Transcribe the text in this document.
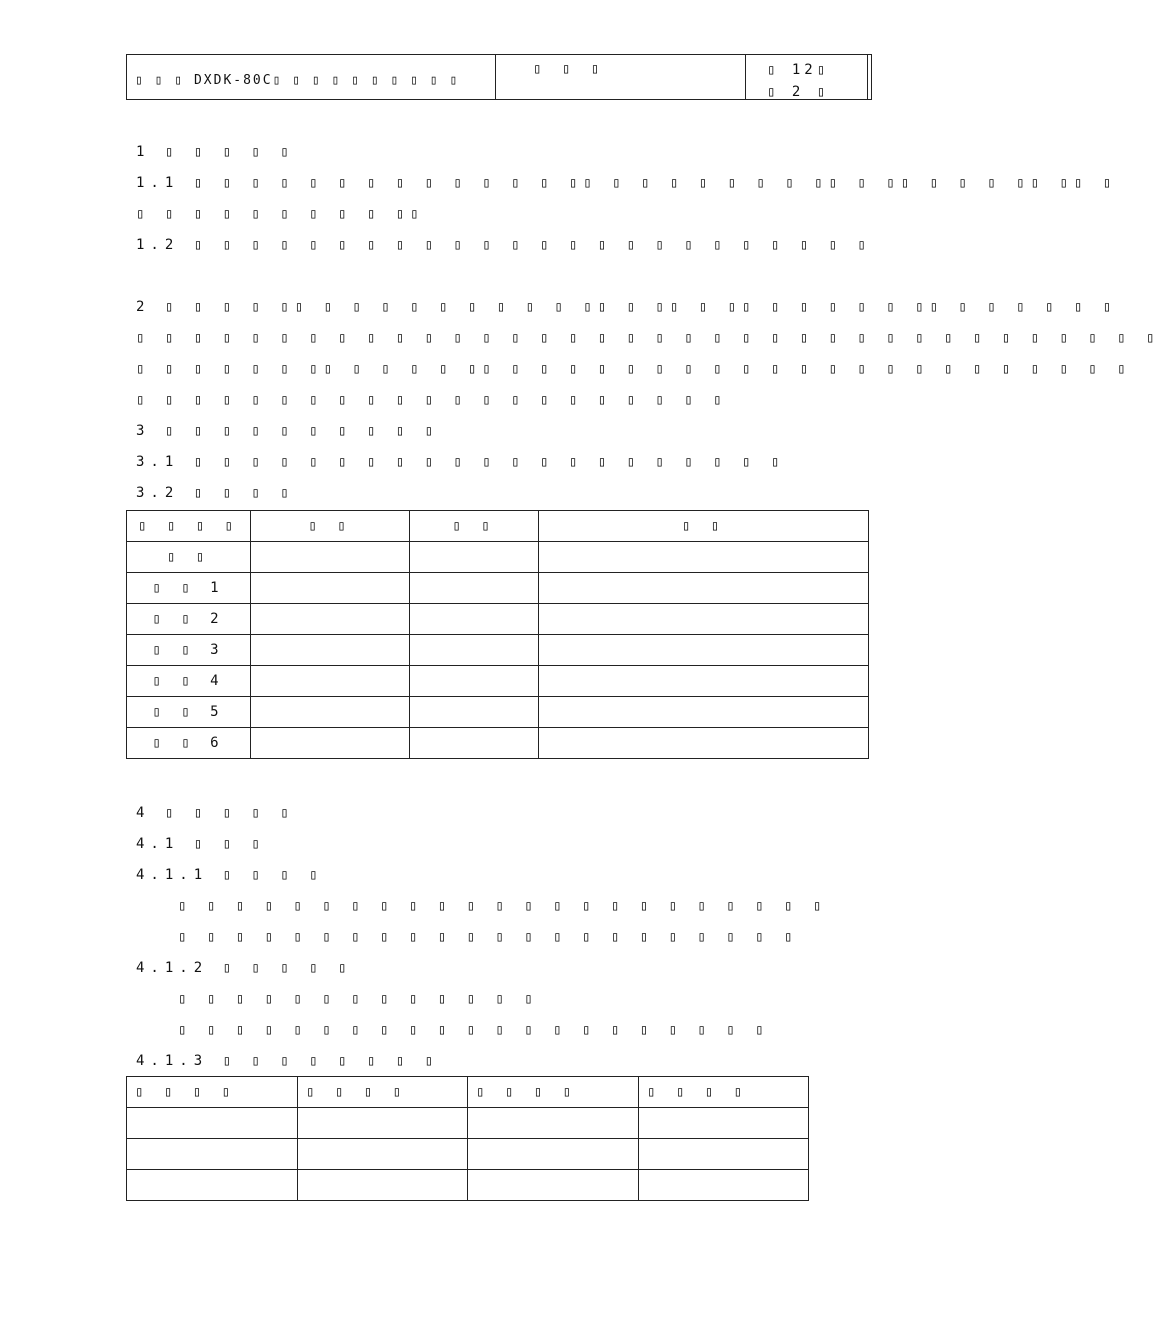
▯ ▯ ▯ DXDK-80C▯ ▯ ▯ ▯ ▯ ▯ ▯ ▯ ▯ ▯
▯ ▯ ▯	▯ 12▯
▯ 2 ▯
1 ▯ ▯ ▯ ▯ ▯
1.1 ▯ ▯ ▯ ▯ ▯ ▯ ▯ ▯ ▯ ▯ ▯ ▯ ▯ ▯▯ ▯ ▯ ▯ ▯ ▯ ▯ ▯ ▯▯ ▯ ▯▯ ▯ ▯ ▯ ▯▯ ▯▯ ▯
▯ ▯ ▯ ▯ ▯ ▯ ▯ ▯ ▯ ▯▯
1.2 ▯ ▯ ▯ ▯ ▯ ▯ ▯ ▯ ▯ ▯ ▯ ▯ ▯ ▯ ▯ ▯ ▯ ▯ ▯ ▯ ▯ ▯ ▯ ▯
2 ▯ ▯ ▯ ▯ ▯▯ ▯ ▯ ▯ ▯ ▯ ▯ ▯ ▯ ▯ ▯▯ ▯ ▯▯ ▯ ▯▯ ▯ ▯ ▯ ▯ ▯ ▯▯ ▯ ▯ ▯ ▯ ▯ ▯
▯ ▯ ▯ ▯ ▯ ▯ ▯ ▯ ▯ ▯ ▯ ▯ ▯ ▯ ▯ ▯ ▯ ▯ ▯ ▯ ▯ ▯ ▯ ▯ ▯ ▯ ▯ ▯ ▯ ▯ ▯ ▯ ▯ ▯ ▯ ▯
▯ ▯ ▯ ▯ ▯ ▯ ▯▯ ▯ ▯ ▯ ▯ ▯▯ ▯ ▯ ▯ ▯ ▯ ▯ ▯ ▯ ▯ ▯ ▯ ▯ ▯ ▯ ▯ ▯ ▯ ▯ ▯ ▯ ▯ ▯
▯ ▯ ▯ ▯ ▯ ▯ ▯ ▯ ▯ ▯ ▯ ▯ ▯ ▯ ▯ ▯ ▯ ▯ ▯ ▯ ▯
3 ▯ ▯ ▯ ▯ ▯ ▯ ▯ ▯ ▯ ▯
3.1 ▯ ▯ ▯ ▯ ▯ ▯ ▯ ▯ ▯ ▯ ▯ ▯ ▯ ▯ ▯ ▯ ▯ ▯ ▯ ▯ ▯
3.2 ▯ ▯ ▯ ▯
▯ ▯ ▯ ▯	▯ ▯	▯ ▯	▯ ▯
▯ ▯			
▯ ▯ 1			
▯ ▯ 2			
▯ ▯ 3			
▯ ▯ 4			
▯ ▯ 5			
▯ ▯ 6			
4 ▯ ▯ ▯ ▯ ▯
4.1 ▯ ▯ ▯
4.1.1 ▯ ▯ ▯ ▯
▯ ▯ ▯ ▯ ▯ ▯ ▯ ▯ ▯ ▯ ▯ ▯ ▯ ▯ ▯ ▯ ▯ ▯ ▯ ▯ ▯ ▯ ▯
▯ ▯ ▯ ▯ ▯ ▯ ▯ ▯ ▯ ▯ ▯ ▯ ▯ ▯ ▯ ▯ ▯ ▯ ▯ ▯ ▯ ▯
4.1.2 ▯ ▯ ▯ ▯ ▯
▯ ▯ ▯ ▯ ▯ ▯ ▯ ▯ ▯ ▯ ▯ ▯ ▯
▯ ▯ ▯ ▯ ▯ ▯ ▯ ▯ ▯ ▯ ▯ ▯ ▯ ▯ ▯ ▯ ▯ ▯ ▯ ▯ ▯
4.1.3 ▯ ▯ ▯ ▯ ▯ ▯ ▯ ▯
▯ ▯ ▯ ▯	▯ ▯ ▯ ▯	▯ ▯ ▯ ▯	▯ ▯ ▯ ▯
